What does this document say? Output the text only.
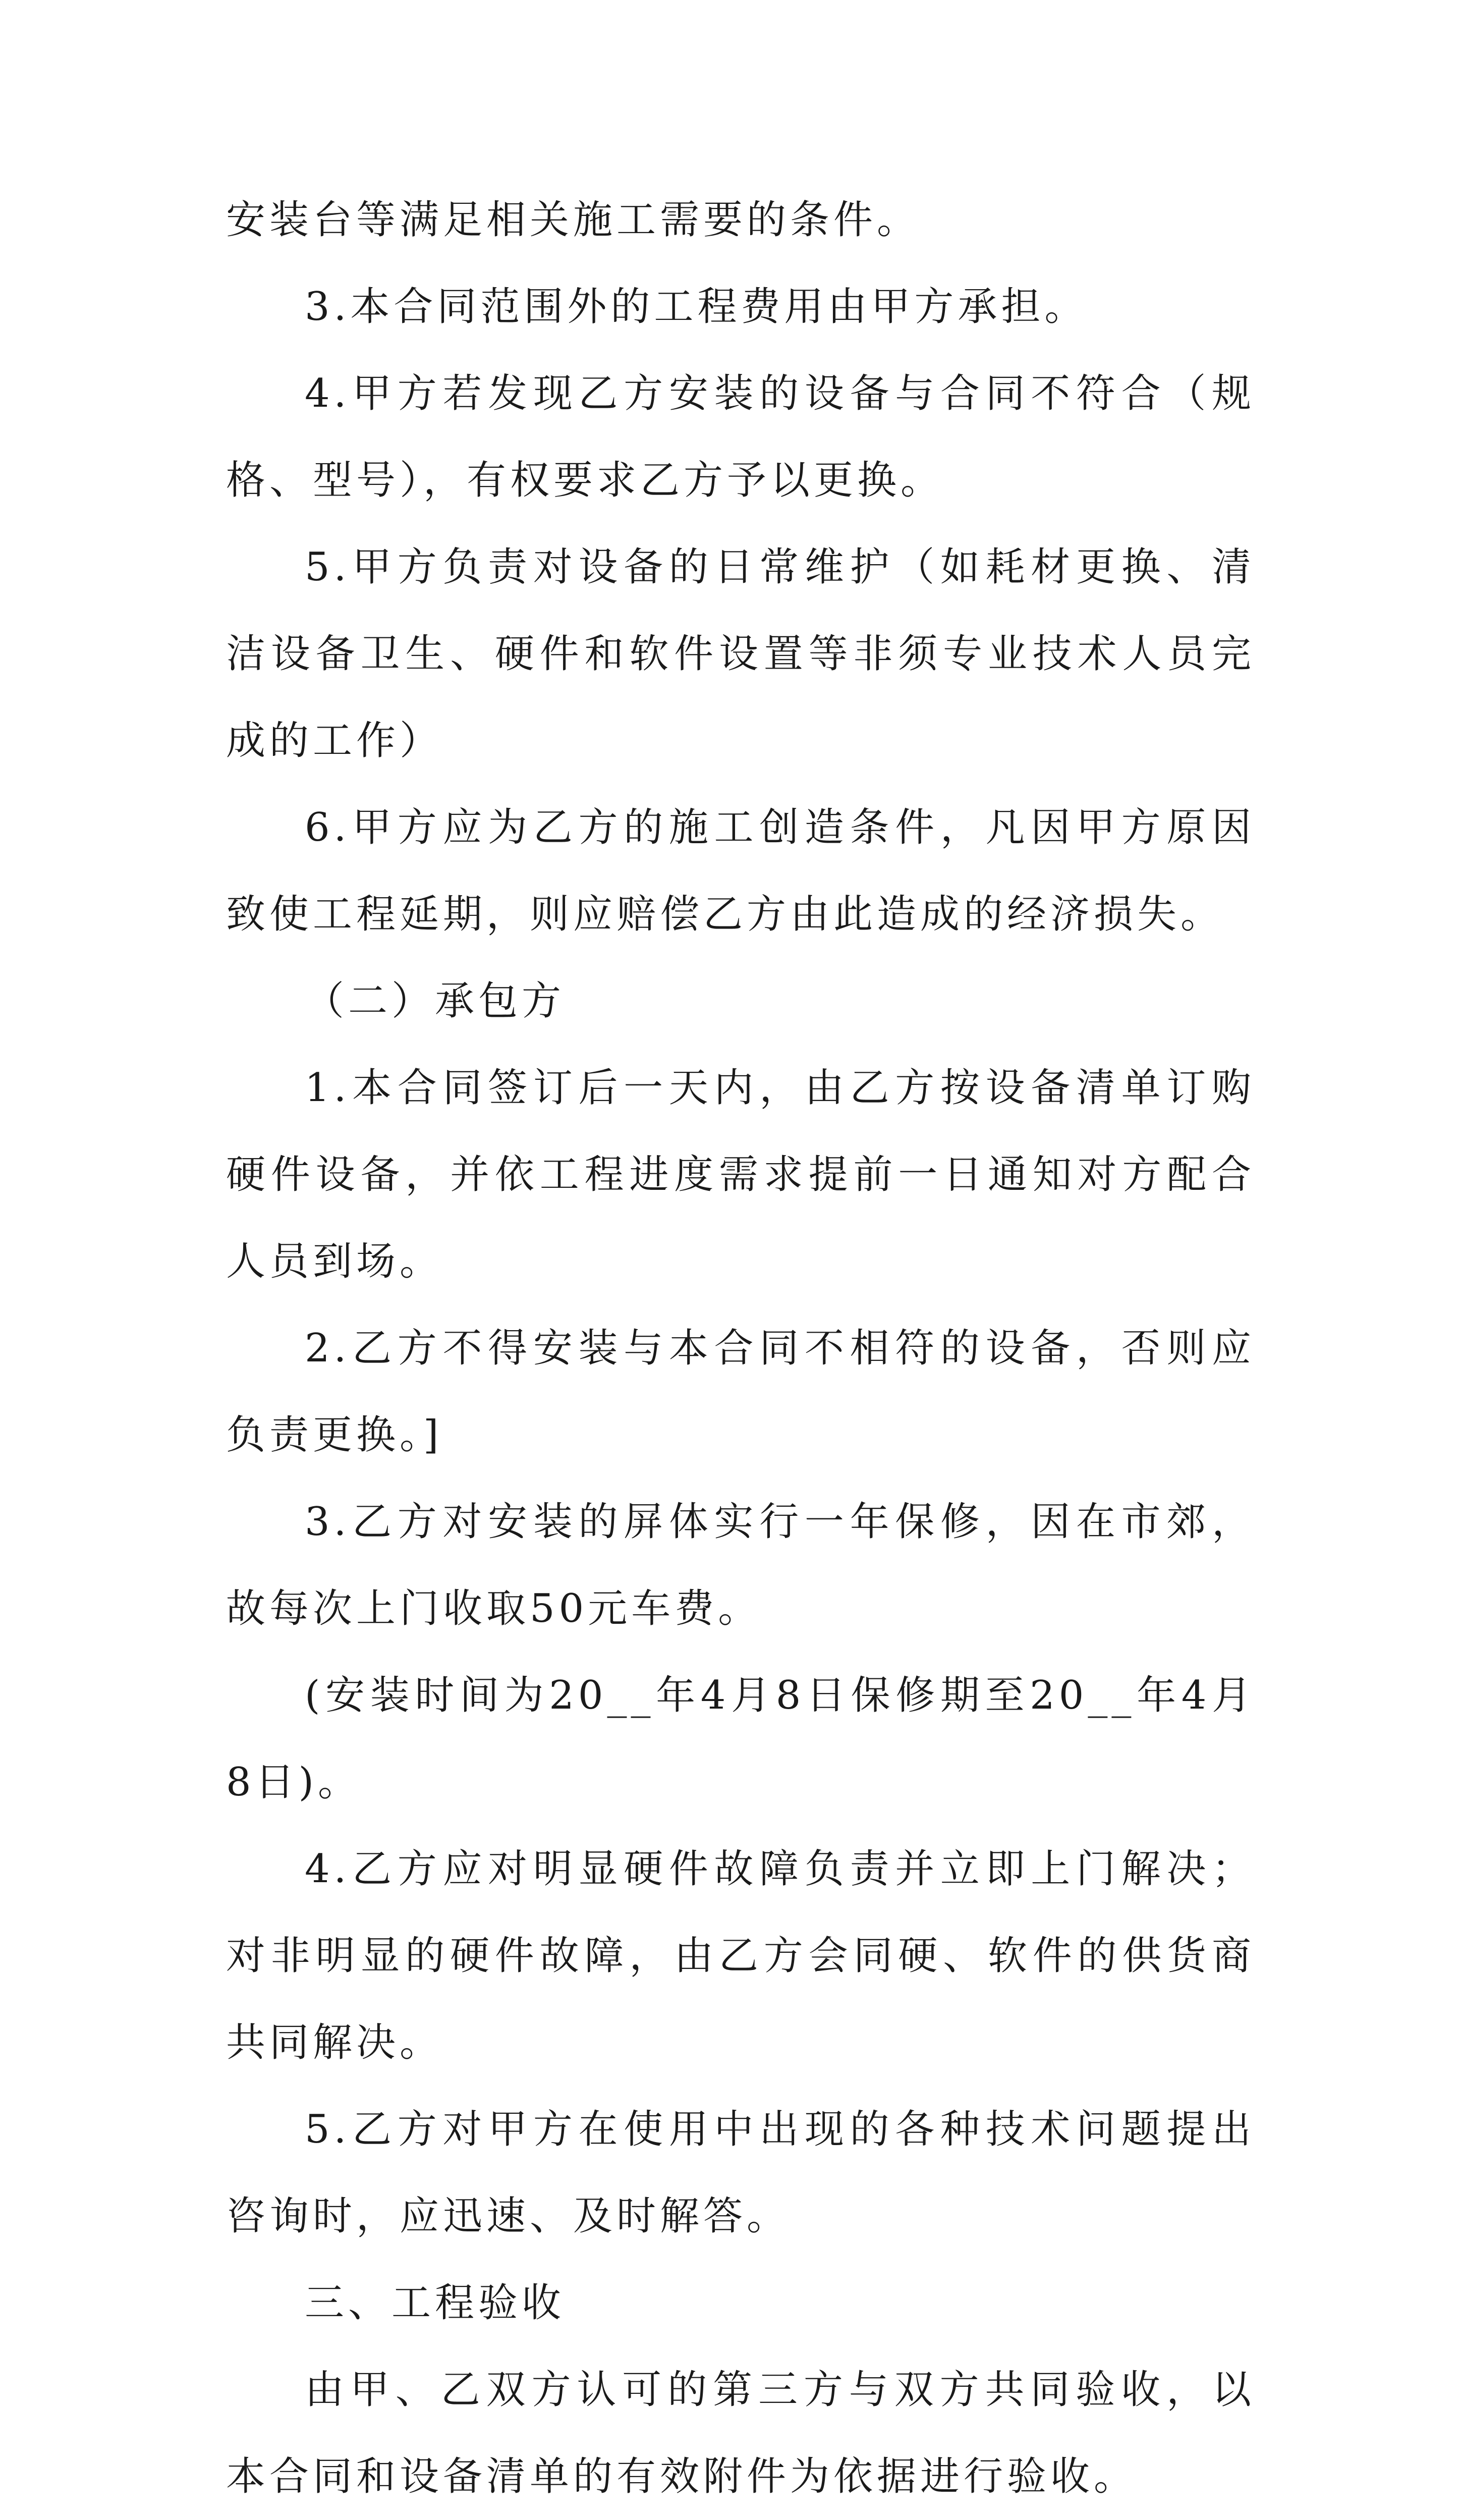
安装台等满足相关施工需要的条件。

3.本合同范围外的工程费用由甲方承担。

4.甲方若发现乙方安装的设备与合同不符合（规格、型号），有权要求乙方予以更换。

5.甲方负责对设备的日常维护（如耗材更换、清洁设备卫生、硬件和软件设置等非须专业技术人员完成的工作）

6.甲方应为乙方的施工创造条件，凡因甲方原因致使工程延期，则应赔偿乙方由此造成的经济损失。

（二）承包方

1.本合同签订后一天内，由乙方按设备清单订购硬件设备，并依工程进度需求提前一日通知对方配合人员到场。

2.乙方不得安装与本合同不相符的设备，否则应负责更换。]

3.乙方对安装的屏体实行一年保修，因在市郊，故每次上门收取50元车费。

(安装时间为20__年4月8日保修期至20__年4月8日)。

4.乙方应对明显硬件故障负责并立即上门解决；对非明显的硬件故障，由乙方会同硬、软件的供货商共同解决。

5.乙方对甲方在使用中出现的各种技术问题提出咨询时，应迅速、及时解答。

三、工程验收

由甲、乙双方认可的第三方与双方共同验收，以本合同和设备清单的有效附件为依据进行验收。
